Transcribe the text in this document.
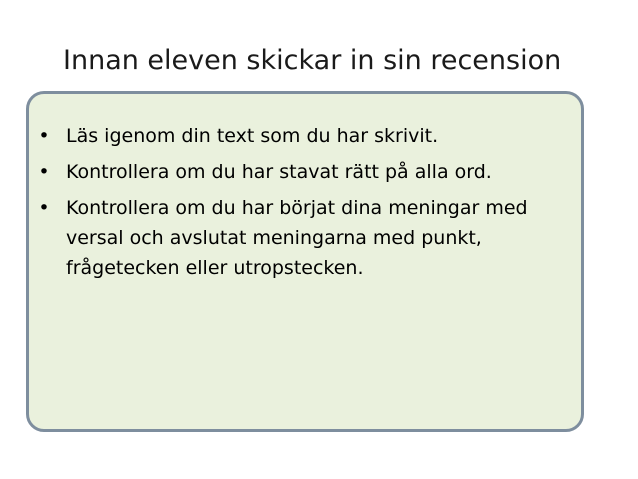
Innan eleven skickar in sin recension
• Läs igenom din text som du har skrivit.
• Kontrollera om du har stavat rätt på alla ord.
• Kontrollera om du har börjat dina meningar med versal och avslutat meningarna med punkt, frågetecken eller utropstecken.
